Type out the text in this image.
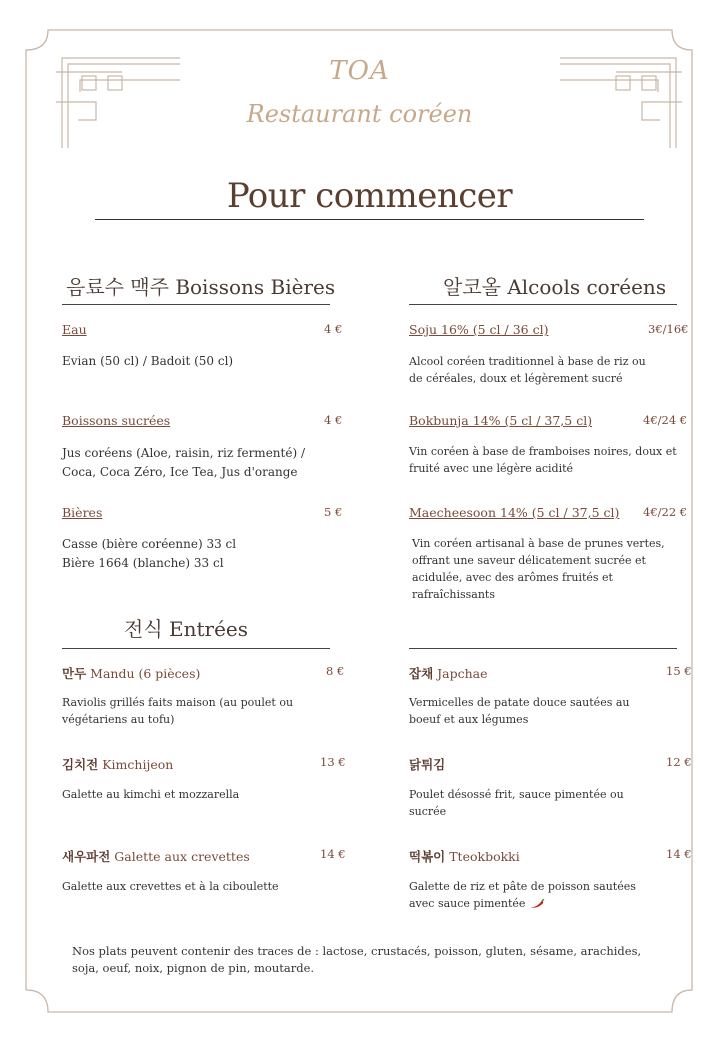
TOA
Restaurant coréen
Pour commencer
음료수 맥주 Boissons Bières
Eau	4 €
Evian (50 cl) / Badoit (50 cl)
Boissons sucrées	4 €
Jus coréens (Aloe, raisin, riz fermenté) /
Coca, Coca Zéro, Ice Tea, Jus d'orange
Bières	5 €
Casse (bière coréenne) 33 cl
Bière 1664 (blanche) 33 cl
알코올 Alcools coréens
Soju 16% (5 cl / 36 cl)	3€/16€
Alcool coréen traditionnel à base de riz ou
de céréales, doux et légèrement sucré
Bokbunja 14% (5 cl / 37,5 cl)	4€/24 €
Vin coréen à base de framboises noires, doux et
fruité avec une légère acidité
Maecheesoon 14% (5 cl / 37,5 cl) 4€/22 €
Vin coréen artisanal à base de prunes vertes,
offrant une saveur délicatement sucrée et
acidulée, avec des arômes fruités et
rafraîchissants
전식 Entrées
만두 Mandu (6 pièces)	8 €
Raviolis grillés faits maison (au poulet ou
végétariens au tofu)
김치전 Kimchijeon	13 €
Galette au kimchi et mozzarella
새우파전 Galette aux crevettes	14 €
Galette aux crevettes et à la ciboulette
잡채 Japchae	15 €
Vermicelles de patate douce sautées au
boeuf et aux légumes
닭튀김	12 €
Poulet désossé frit, sauce pimentée ou
sucrée
떡볶이 Tteokbokki	14 €
Galette de riz et pâte de poisson sautées
avec sauce pimentée
Nos plats peuvent contenir des traces de : lactose, crustacés, poisson, gluten, sésame, arachides,
soja, oeuf, noix, pignon de pin, moutarde.
